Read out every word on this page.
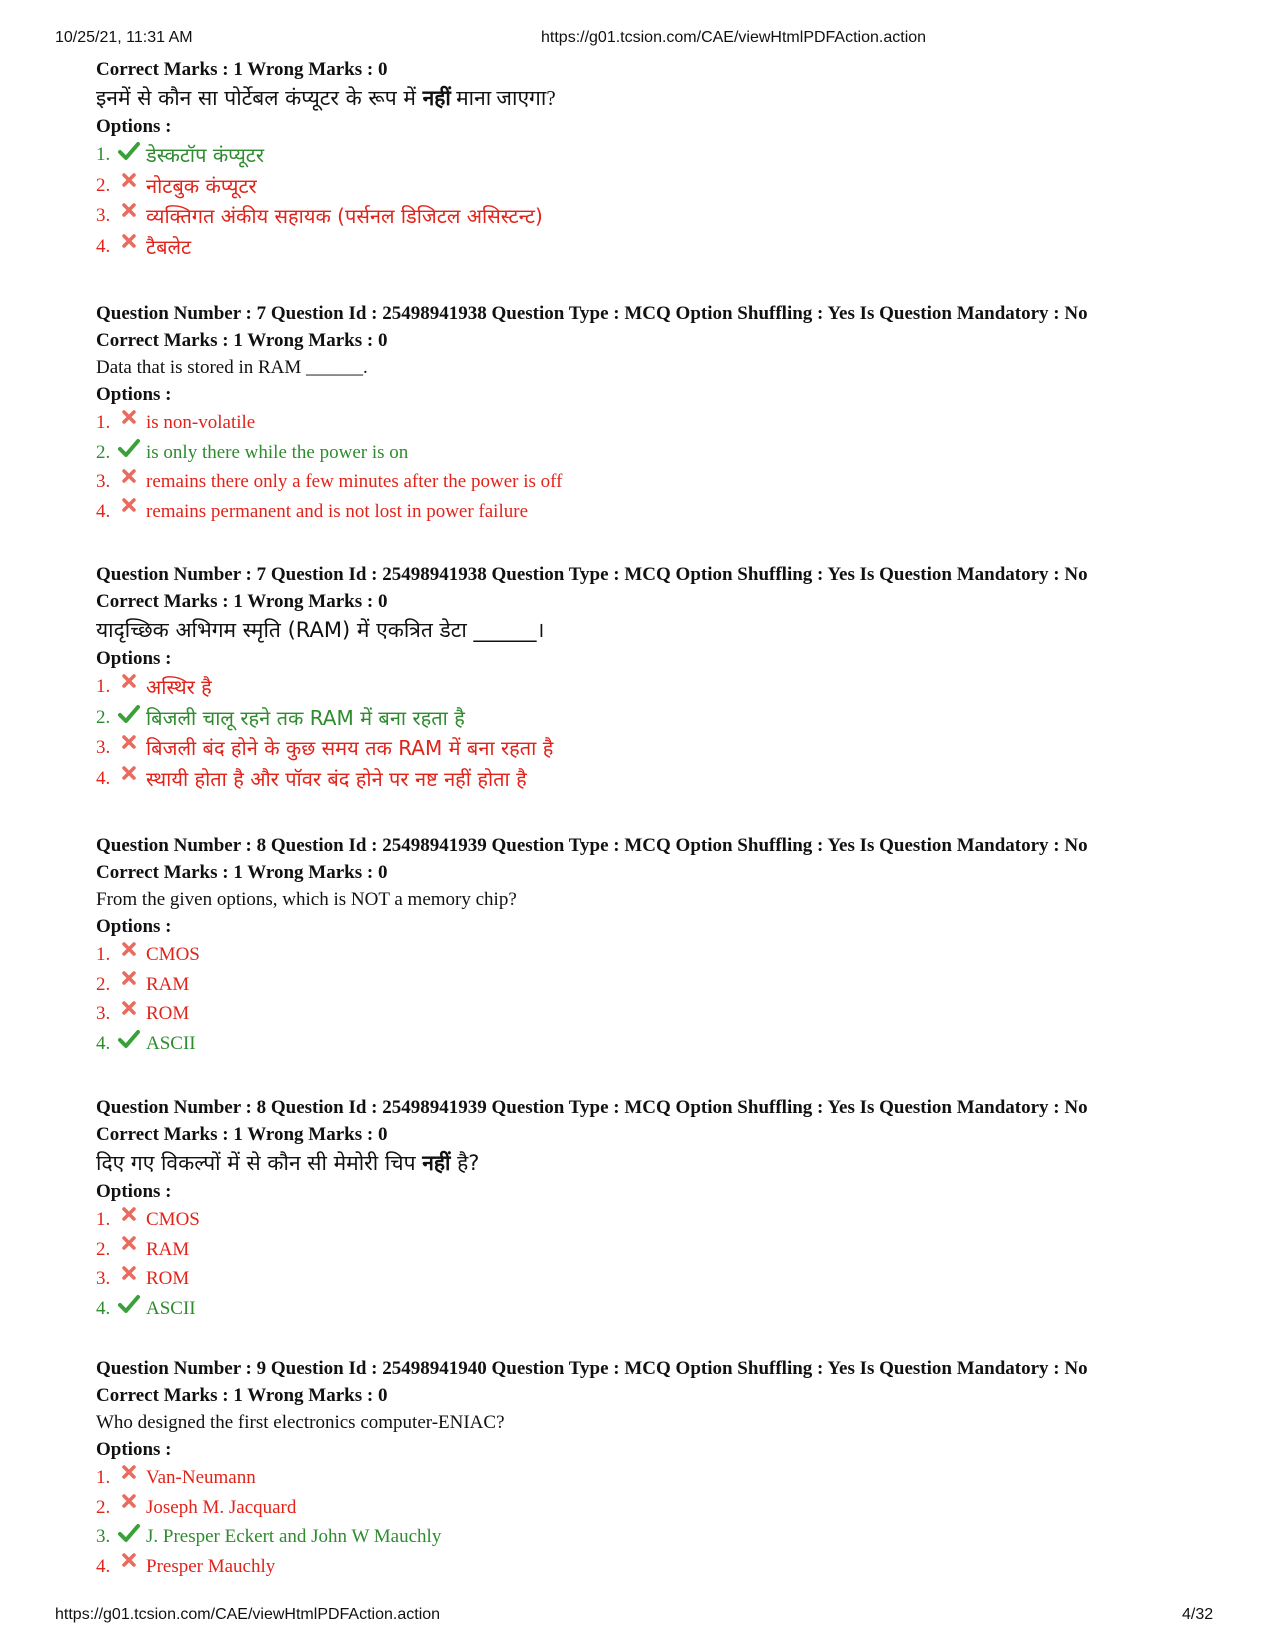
10/25/21, 11:31 AM	https://g01.tcsion.com/CAE/viewHtmlPDFAction.action
Correct Marks : 1 Wrong Marks : 0
इनमें से कौन सा पोर्टेबल कंप्यूटर के रूप में नहीं माना जाएगा?
Options :
1.	डेस्कटॉप कंप्यूटर
2.	नोटबुक कंप्यूटर
3.	व्यक्तिगत अंकीय सहायक (पर्सनल डिजिटल असिस्टन्ट)
4.	टैबलेट
Question Number : 7 Question Id : 25498941938 Question Type : MCQ Option Shuffling : Yes Is Question Mandatory : No
Correct Marks : 1 Wrong Marks : 0
Data that is stored in RAM ______.
Options :
1.	is non-volatile
2.	is only there while the power is on
3.	remains there only a few minutes after the power is off
4.	remains permanent and is not lost in power failure
Question Number : 7 Question Id : 25498941938 Question Type : MCQ Option Shuffling : Yes Is Question Mandatory : No
Correct Marks : 1 Wrong Marks : 0
यादृच्छिक अभिगम स्मृति (RAM) में एकत्रित डेटा ______।
Options :
1.	अस्थिर है
2.	बिजली चालू रहने तक RAM में बना रहता है
3.	बिजली बंद होने के कुछ समय तक RAM में बना रहता है
4.	स्थायी होता है और पॉवर बंद होने पर नष्ट नहीं होता है
Question Number : 8 Question Id : 25498941939 Question Type : MCQ Option Shuffling : Yes Is Question Mandatory : No
Correct Marks : 1 Wrong Marks : 0
From the given options, which is NOT a memory chip?
Options :
1.	CMOS
2.	RAM
3.	ROM
4.	ASCII
Question Number : 8 Question Id : 25498941939 Question Type : MCQ Option Shuffling : Yes Is Question Mandatory : No
Correct Marks : 1 Wrong Marks : 0
दिए गए विकल्पों में से कौन सी मेमोरी चिप नहीं है?
Options :
1.	CMOS
2.	RAM
3.	ROM
4.	ASCII
Question Number : 9 Question Id : 25498941940 Question Type : MCQ Option Shuffling : Yes Is Question Mandatory : No
Correct Marks : 1 Wrong Marks : 0
Who designed the first electronics computer-ENIAC?
Options :
1.	Van-Neumann
2.	Joseph M. Jacquard
3.	J. Presper Eckert and John W Mauchly
4.	Presper Mauchly
https://g01.tcsion.com/CAE/viewHtmlPDFAction.action	4/32
